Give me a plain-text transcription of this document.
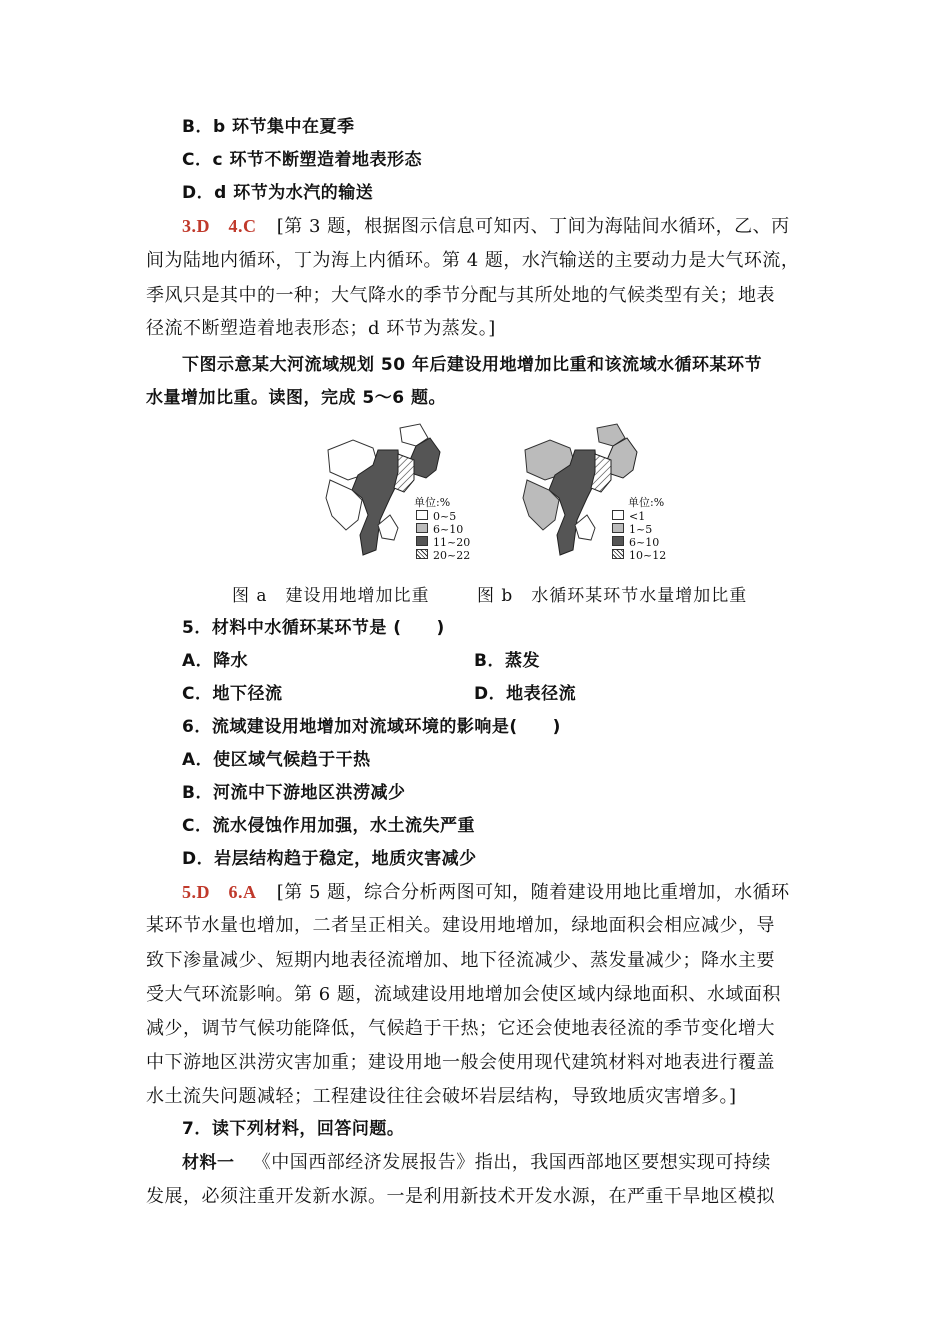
B．b 环节集中在夏季
C．c 环节不断塑造着地表形态
D．d 环节为水汽的输送
3.D　4.C [第 3 题，根据图示信息可知丙、丁间为海陆间水循环，乙、丙
间为陆地内循环，丁为海上内循环。第 4 题，水汽输送的主要动力是大气环流，
季风只是其中的一种；大气降水的季节分配与其所处地的气候类型有关；地表
径流不断塑造着地表形态；d 环节为蒸发。]
下图示意某大河流域规划 50 年后建设用地增加比重和该流域水循环某环节
水量增加比重。读图，完成 5～6 题。
单位:%
0~5
6~10
11~20
20~22
单位:%
<1
1~5
6~10
10~12
图 a　建设用地增加比重	图 b　水循环某环节水量增加比重
5．材料中水循环某环节是 (　　)
A．降水	B．蒸发
C．地下径流	D．地表径流
6．流域建设用地增加对流域环境的影响是(　　)
A．使区域气候趋于干热
B．河流中下游地区洪涝减少
C．流水侵蚀作用加强，水土流失严重
D．岩层结构趋于稳定，地质灾害减少
5.D　6.A [第 5 题，综合分析两图可知，随着建设用地比重增加，水循环
某环节水量也增加，二者呈正相关。建设用地增加，绿地面积会相应减少，导
致下渗量减少、短期内地表径流增加、地下径流减少、蒸发量减少；降水主要
受大气环流影响。第 6 题，流域建设用地增加会使区域内绿地面积、水域面积
减少，调节气候功能降低，气候趋于干热；它还会使地表径流的季节变化增大
中下游地区洪涝灾害加重；建设用地一般会使用现代建筑材料对地表进行覆盖
水土流失问题减轻；工程建设往往会破坏岩层结构，导致地质灾害增多。]
7．读下列材料，回答问题。
材料一 《中国西部经济发展报告》指出，我国西部地区要想实现可持续
发展，必须注重开发新水源。一是利用新技术开发水源，在严重干旱地区模拟
